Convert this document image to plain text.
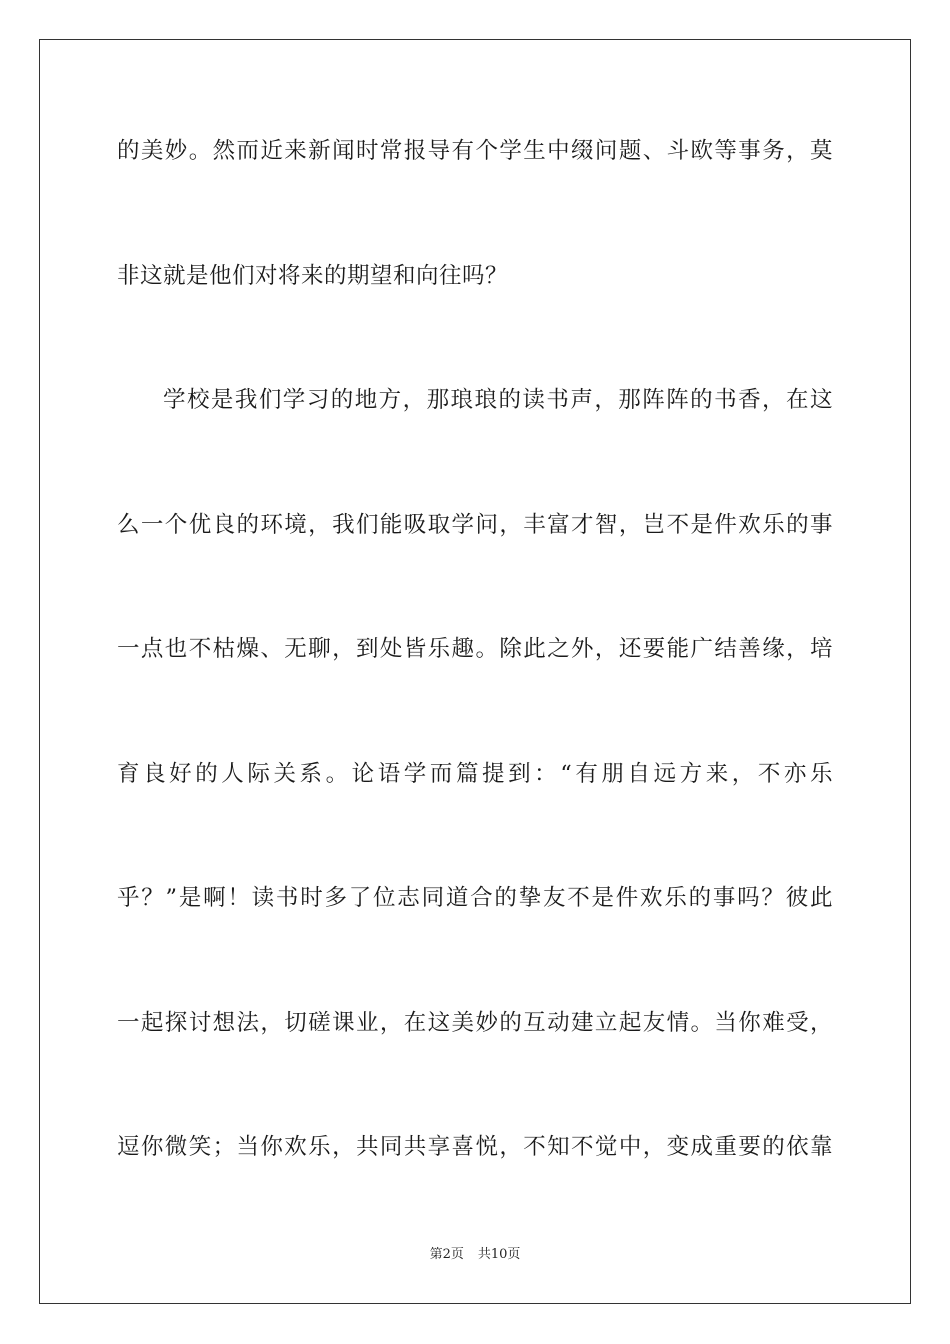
的美妙。然而近来新闻时常报导有个学生中缀问题、斗欧等事务，莫
非这就是他们对将来的期望和向往吗？
学校是我们学习的地方，那琅琅的读书声，那阵阵的书香，在这
么一个优良的环境，我们能吸取学问，丰富才智，岂不是件欢乐的事
一点也不枯燥、无聊，到处皆乐趣。除此之外，还要能广结善缘，培
育良好的人际关系。论语学而篇提到：“有朋自远方来，不亦乐
乎？”是啊！读书时多了位志同道合的挚友不是件欢乐的事吗？彼此
一起探讨想法，切磋课业，在这美妙的互动建立起友情。当你难受，
逗你微笑；当你欢乐，共同共享喜悦，不知不觉中，变成重要的依靠
第2页 共10页
